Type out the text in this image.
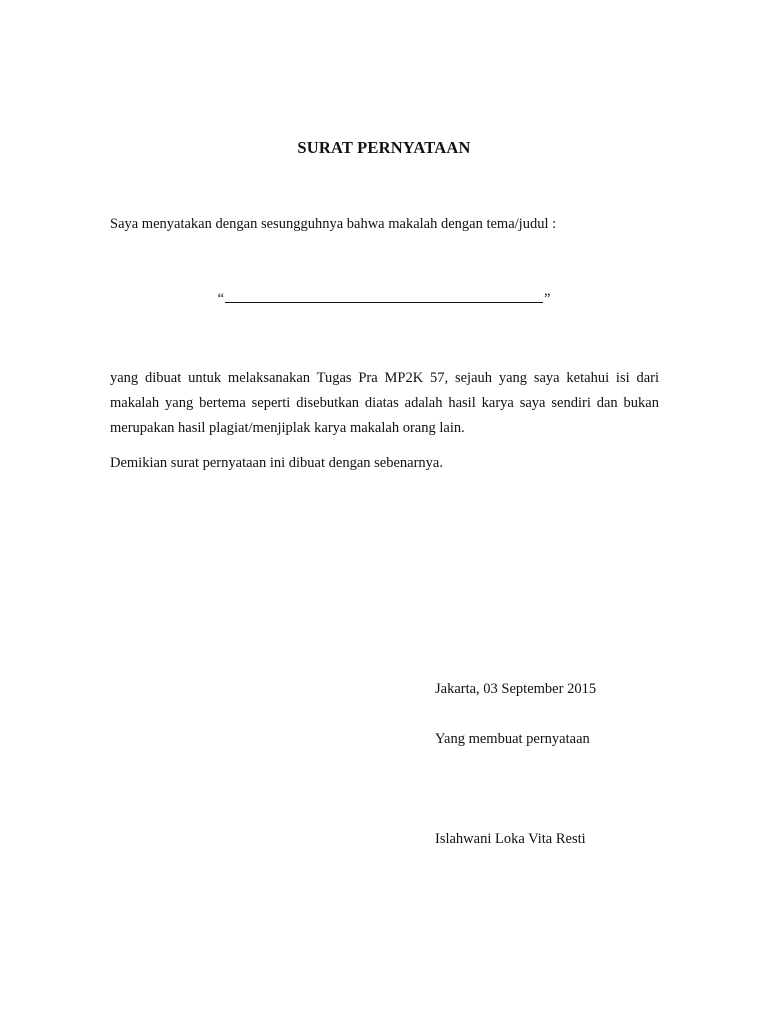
SURAT PERNYATAAN
Saya menyatakan dengan sesungguhnya bahwa makalah dengan tema/judul :
“	”
yang dibuat untuk melaksanakan Tugas Pra MP2K 57, sejauh yang saya ketahui isi dari makalah yang bertema seperti disebutkan diatas adalah hasil karya saya sendiri dan bukan merupakan hasil plagiat/menjiplak karya makalah orang lain.
Demikian surat pernyataan ini dibuat dengan sebenarnya.
Jakarta, 03 September 2015
Yang membuat pernyataan
Islahwani Loka Vita Resti
